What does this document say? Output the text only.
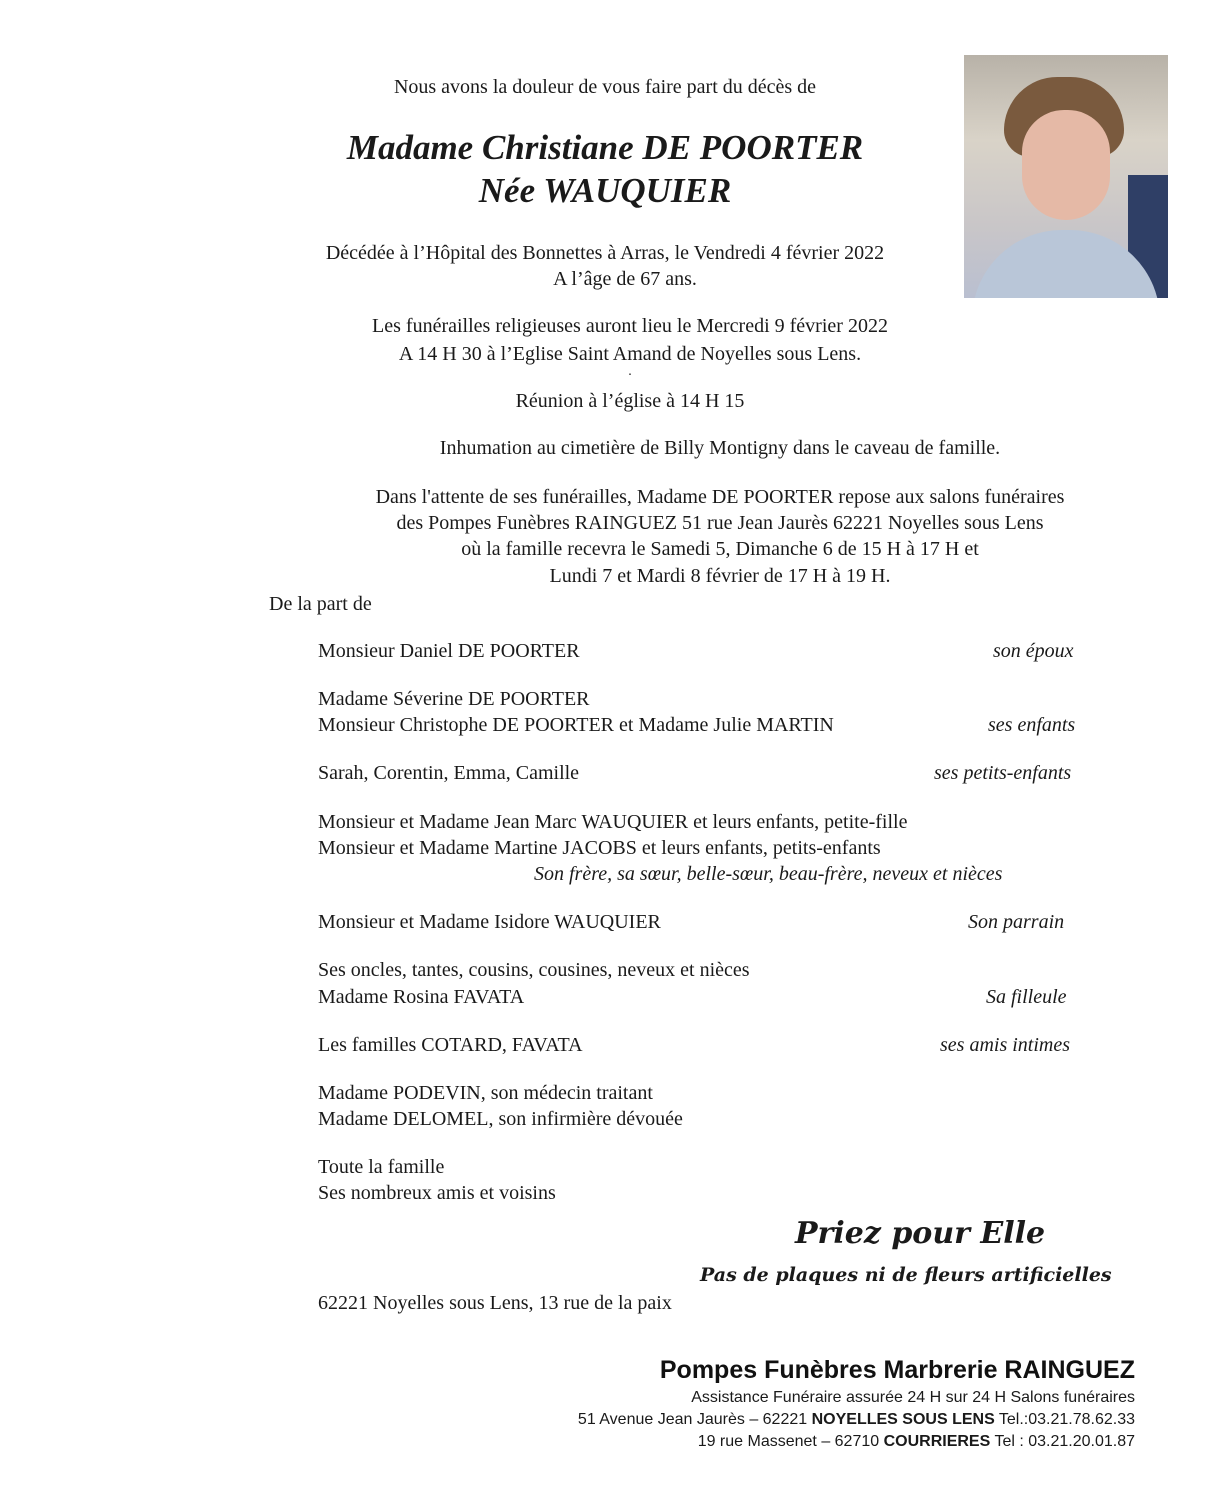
Nous avons la douleur de vous faire part du décès de
Madame Christiane DE POORTER
Née WAUQUIER
Décédée à l’Hôpital des Bonnettes à Arras, le Vendredi 4 février 2022
A l’âge de 67 ans.
Les funérailles religieuses auront lieu le Mercredi 9 février 2022
A 14 H 30 à l’Eglise Saint Amand de Noyelles sous Lens.
.
Réunion à l’église à 14 H 15
Inhumation au cimetière de Billy Montigny dans le caveau de famille.
Dans l'attente de ses funérailles, Madame DE POORTER repose aux salons funéraires
des Pompes Funèbres RAINGUEZ 51 rue Jean Jaurès 62221 Noyelles sous Lens
où la famille recevra le Samedi 5, Dimanche 6 de 15 H à 17 H et
Lundi 7 et Mardi 8 février de 17 H à 19 H.
De la part de
Monsieur Daniel DE POORTER	son époux
Madame Séverine DE POORTER
Monsieur Christophe DE POORTER et Madame Julie MARTIN	ses enfants
Sarah, Corentin, Emma, Camille	ses petits-enfants
Monsieur et Madame Jean Marc WAUQUIER et leurs enfants, petite-fille
Monsieur et Madame Martine JACOBS et leurs enfants, petits-enfants
Son frère, sa sœur, belle-sœur, beau-frère, neveux et nièces
Monsieur et Madame Isidore WAUQUIER	Son parrain
Ses oncles, tantes, cousins, cousines, neveux et nièces
Madame Rosina FAVATA	Sa filleule
Les familles COTARD, FAVATA	ses amis intimes
Madame PODEVIN, son médecin traitant
Madame DELOMEL, son infirmière dévouée
Toute la famille
Ses nombreux amis et voisins
Priez pour Elle
Pas de plaques ni de fleurs artificielles
62221 Noyelles sous Lens, 13 rue de la paix
Pompes Funèbres Marbrerie RAINGUEZ
Assistance Funéraire assurée 24 H sur 24 H Salons funéraires
51 Avenue Jean Jaurès – 62221 NOYELLES SOUS LENS Tel.:03.21.78.62.33
19 rue Massenet – 62710 COURRIERES Tel : 03.21.20.01.87
